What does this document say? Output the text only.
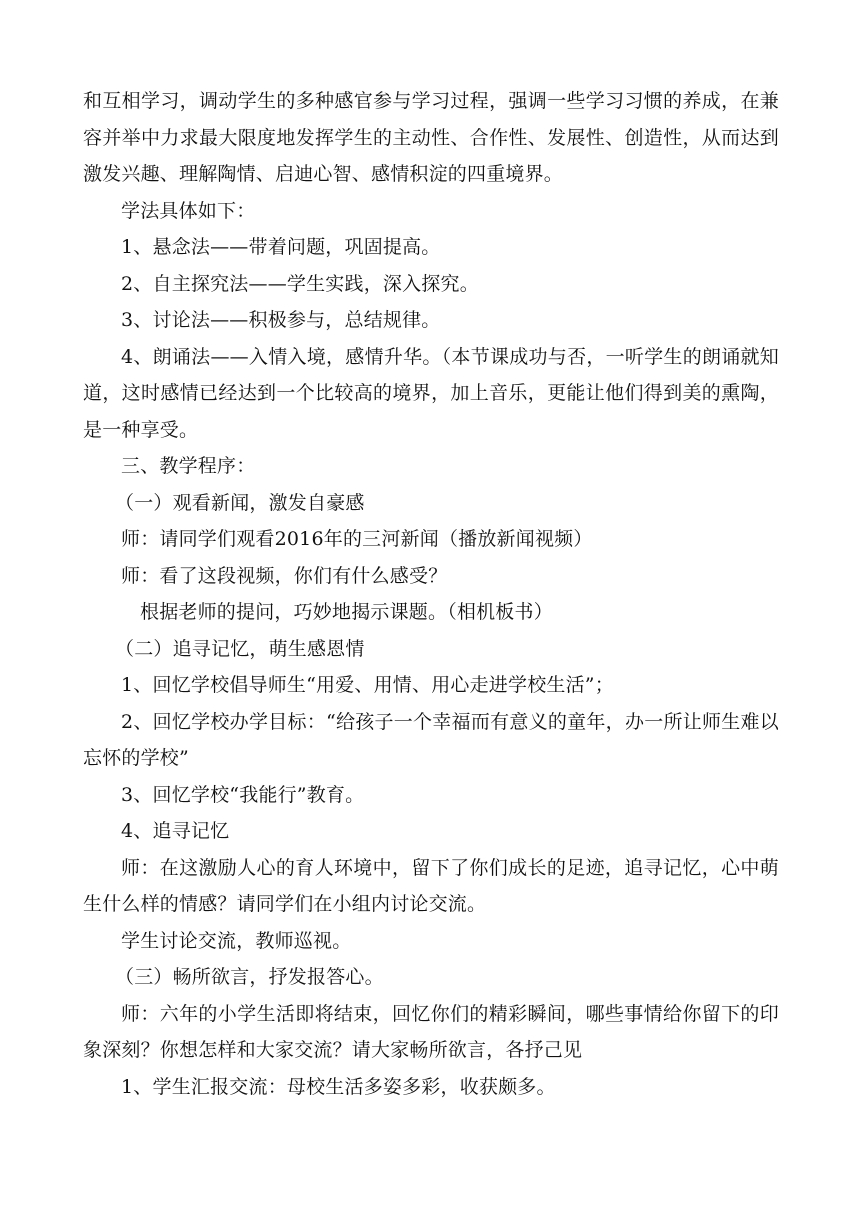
和互相学习，调动学生的多种感官参与学习过程，强调一些学习习惯的养成，在兼容并举中力求最大限度地发挥学生的主动性、合作性、发展性、创造性，从而达到激发兴趣、理解陶情、启迪心智、感情积淀的四重境界。

学法具体如下：

1、悬念法——带着问题，巩固提高。

2、自主探究法——学生实践，深入探究。

3、讨论法——积极参与，总结规律。

4、朗诵法——入情入境，感情升华。（本节课成功与否，一听学生的朗诵就知道，这时感情已经达到一个比较高的境界，加上音乐，更能让他们得到美的熏陶，是一种享受。

三、教学程序：

（一）观看新闻，激发自豪感

师：请同学们观看2016年的三河新闻（播放新闻视频）

师：看了这段视频，你们有什么感受？

根据老师的提问，巧妙地揭示课题。（相机板书）

（二）追寻记忆，萌生感恩情

1、回忆学校倡导师生“用爱、用情、用心走进学校生活”；

2、回忆学校办学目标：“给孩子一个幸福而有意义的童年，办一所让师生难以忘怀的学校”

3、回忆学校“我能行”教育。

4、追寻记忆

师：在这激励人心的育人环境中，留下了你们成长的足迹，追寻记忆，心中萌生什么样的情感？请同学们在小组内讨论交流。

学生讨论交流，教师巡视。

（三）畅所欲言，抒发报答心。

师：六年的小学生活即将结束，回忆你们的精彩瞬间，哪些事情给你留下的印象深刻？你想怎样和大家交流？请大家畅所欲言，各抒己见

1、学生汇报交流：母校生活多姿多彩，收获颇多。
